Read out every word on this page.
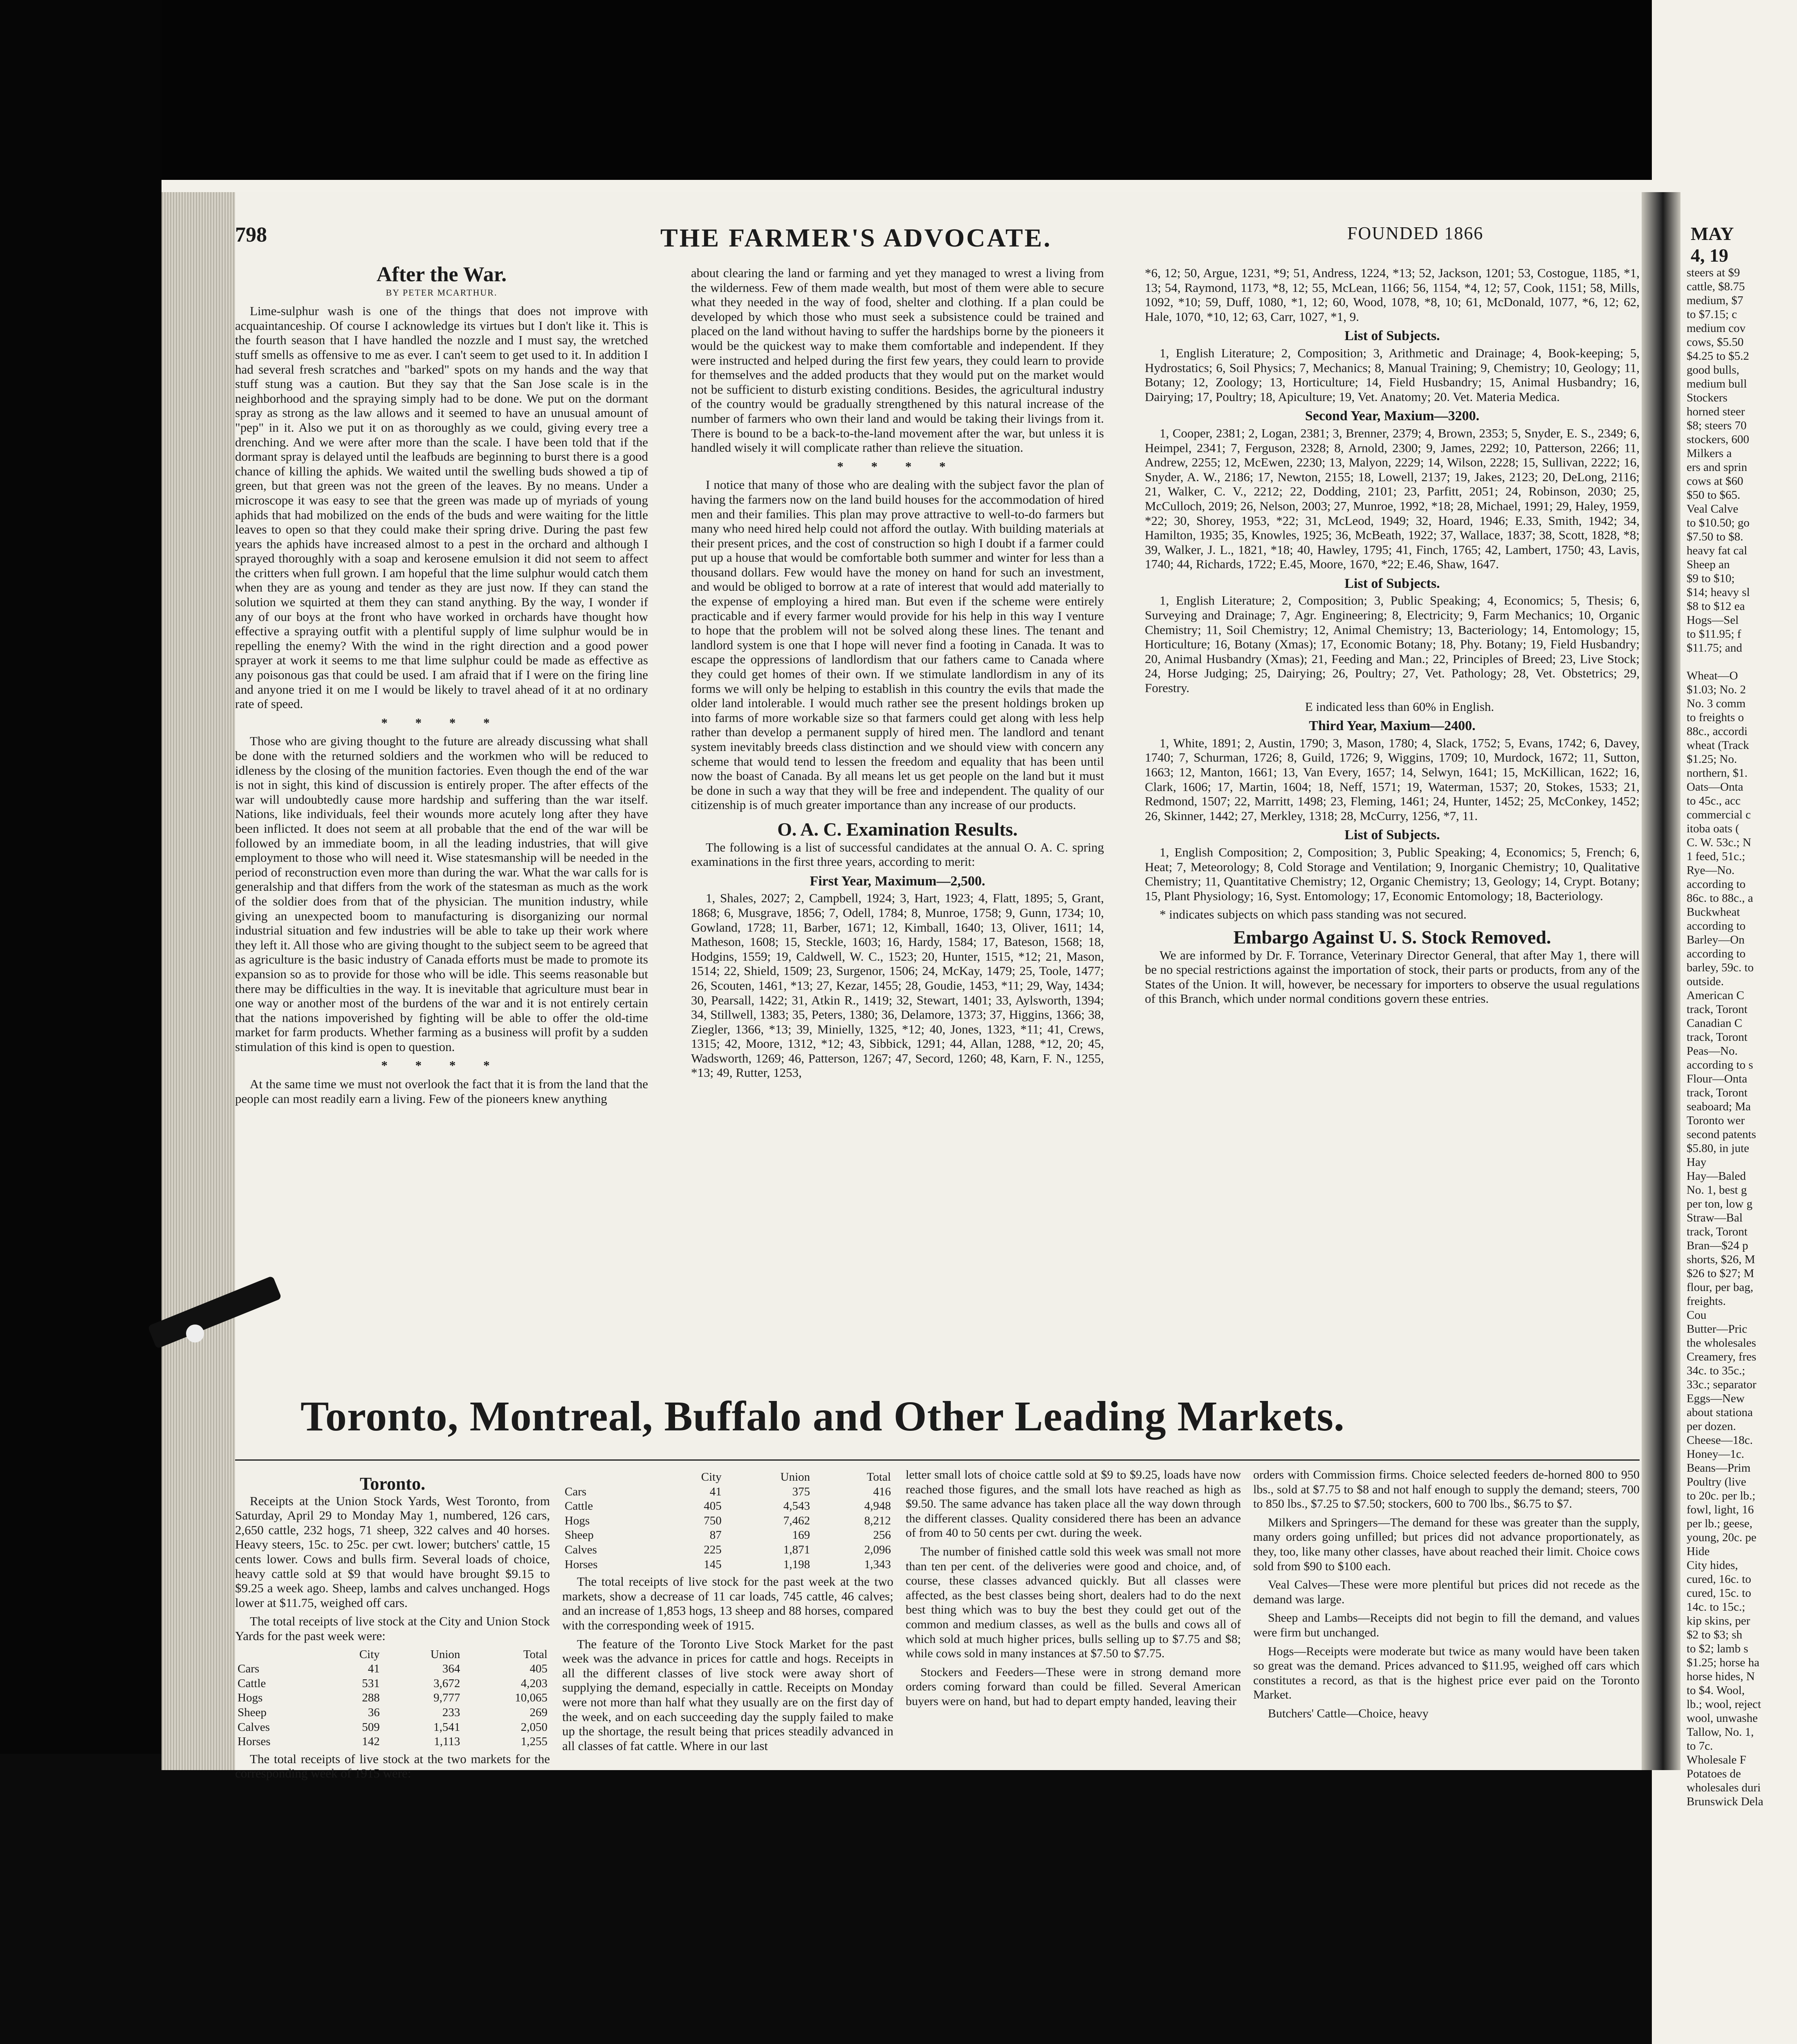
798	THE FARMER'S ADVOCATE.	FOUNDED 1866	MAY 4, 19
After the War.
BY PETER MCARTHUR.

Lime-sulphur wash is one of the things that does not improve with acquaintanceship. Of course I acknowledge its virtues but I don't like it. This is the fourth season that I have handled the nozzle and I must say, the wretched stuff smells as offensive to me as ever. I can't seem to get used to it. In addition I had several fresh scratches and "barked" spots on my hands and the way that stuff stung was a caution. But they say that the San Jose scale is in the neighborhood and the spraying simply had to be done. We put on the dormant spray as strong as the law allows and it seemed to have an unusual amount of "pep" in it. Also we put it on as thoroughly as we could, giving every tree a drenching. And we were after more than the scale. I have been told that if the dormant spray is delayed until the leafbuds are beginning to burst there is a good chance of killing the aphids. We waited until the swelling buds showed a tip of green, but that green was not the green of the leaves. By no means. Under a microscope it was easy to see that the green was made up of myriads of young aphids that had mobilized on the ends of the buds and were waiting for the little leaves to open so that they could make their spring drive. During the past few years the aphids have increased almost to a pest in the orchard and although I sprayed thoroughly with a soap and kerosene emulsion it did not seem to affect the critters when full grown. I am hopeful that the lime sulphur would catch them when they are as young and tender as they are just now. If they can stand the solution we squirted at them they can stand anything. By the way, I wonder if any of our boys at the front who have worked in orchards have thought how effective a spraying outfit with a plentiful supply of lime sulphur would be in repelling the enemy? With the wind in the right direction and a good power sprayer at work it seems to me that lime sulphur could be made as effective as any poisonous gas that could be used. I am afraid that if I were on the firing line and anyone tried it on me I would be likely to travel ahead of it at no ordinary rate of speed.

* * * *

Those who are giving thought to the future are already discussing what shall be done with the returned soldiers and the workmen who will be reduced to idleness by the closing of the munition factories. Even though the end of the war is not in sight, this kind of discussion is entirely proper. The after effects of the war will undoubtedly cause more hardship and suffering than the war itself. Nations, like individuals, feel their wounds more acutely long after they have been inflicted. It does not seem at all probable that the end of the war will be followed by an immediate boom, in all the leading industries, that will give employment to those who will need it. Wise statesmanship will be needed in the period of reconstruction even more than during the war. What the war calls for is generalship and that differs from the work of the statesman as much as the work of the soldier does from that of the physician. The munition industry, while giving an unexpected boom to manufacturing is disorganizing our normal industrial situation and few industries will be able to take up their work where they left it. All those who are giving thought to the subject seem to be agreed that as agriculture is the basic industry of Canada efforts must be made to promote its expansion so as to provide for those who will be idle. This seems reasonable but there may be difficulties in the way. It is inevitable that agriculture must bear in one way or another most of the burdens of the war and it is not entirely certain that the nations impoverished by fighting will be able to offer the old-time market for farm products. Whether farming as a business will profit by a sudden stimulation of this kind is open to question.

* * * *

At the same time we must not overlook the fact that it is from the land that the people can most readily earn a living. Few of the pioneers knew anything

about clearing the land or farming and yet they managed to wrest a living from the wilderness. Few of them made wealth, but most of them were able to secure what they needed in the way of food, shelter and clothing. If a plan could be developed by which those who must seek a subsistence could be trained and placed on the land without having to suffer the hardships borne by the pioneers it would be the quickest way to make them comfortable and independent. If they were instructed and helped during the first few years, they could learn to provide for themselves and the added products that they would put on the market would not be sufficient to disturb existing conditions. Besides, the agricultural industry of the country would be gradually strengthened by this natural increase of the number of farmers who own their land and would be taking their livings from it. There is bound to be a back-to-the-land movement after the war, but unless it is handled wisely it will complicate rather than relieve the situation.

* * * *

I notice that many of those who are dealing with the subject favor the plan of having the farmers now on the land build houses for the accommodation of hired men and their families. This plan may prove attractive to well-to-do farmers but many who need hired help could not afford the outlay. With building materials at their present prices, and the cost of construction so high I doubt if a farmer could put up a house that would be comfortable both summer and winter for less than a thousand dollars. Few would have the money on hand for such an investment, and would be obliged to borrow at a rate of interest that would add materially to the expense of employing a hired man. But even if the scheme were entirely practicable and if every farmer would provide for his help in this way I venture to hope that the problem will not be solved along these lines. The tenant and landlord system is one that I hope will never find a footing in Canada. It was to escape the oppressions of landlordism that our fathers came to Canada where they could get homes of their own. If we stimulate landlordism in any of its forms we will only be helping to establish in this country the evils that made the older land intolerable. I would much rather see the present holdings broken up into farms of more workable size so that farmers could get along with less help rather than develop a permanent supply of hired men. The landlord and tenant system inevitably breeds class distinction and we should view with concern any scheme that would tend to lessen the freedom and equality that has been until now the boast of Canada. By all means let us get people on the land but it must be done in such a way that they will be free and independent. The quality of our citizenship is of much greater importance than any increase of our products.

O. A. C. Examination Results.

The following is a list of successful candidates at the annual O. A. C. spring examinations in the first three years, according to merit:

First Year, Maximum—2,500.

1, Shales, 2027; 2, Campbell, 1924; 3, Hart, 1923; 4, Flatt, 1895; 5, Grant, 1868; 6, Musgrave, 1856; 7, Odell, 1784; 8, Munroe, 1758; 9, Gunn, 1734; 10, Gowland, 1728; 11, Barber, 1671; 12, Kimball, 1640; 13, Oliver, 1611; 14, Matheson, 1608; 15, Steckle, 1603; 16, Hardy, 1584; 17, Bateson, 1568; 18, Hodgins, 1559; 19, Caldwell, W. C., 1523; 20, Hunter, 1515, *12; 21, Mason, 1514; 22, Shield, 1509; 23, Surgenor, 1506; 24, McKay, 1479; 25, Toole, 1477; 26, Scouten, 1461, *13; 27, Kezar, 1455; 28, Goudie, 1453, *11; 29, Way, 1434; 30, Pearsall, 1422; 31, Atkin R., 1419; 32, Stewart, 1401; 33, Aylsworth, 1394; 34, Stillwell, 1383; 35, Peters, 1380; 36, Delamore, 1373; 37, Higgins, 1366; 38, Ziegler, 1366, *13; 39, Minielly, 1325, *12; 40, Jones, 1323, *11; 41, Crews, 1315; 42, Moore, 1312, *12; 43, Sibbick, 1291; 44, Allan, 1288, *12, 20; 45, Wadsworth, 1269; 46, Patterson, 1267; 47, Secord, 1260; 48, Karn, F. N., 1255, *13; 49, Rutter, 1253,

*6, 12; 50, Argue, 1231, *9; 51, Andress, 1224, *13; 52, Jackson, 1201; 53, Costogue, 1185, *1, 13; 54, Raymond, 1173, *8, 12; 55, McLean, 1166; 56, 1154, *4, 12; 57, Cook, 1151; 58, Mills, 1092, *10; 59, Duff, 1080, *1, 12; 60, Wood, 1078, *8, 10; 61, McDonald, 1077, *6, 12; 62, Hale, 1070, *10, 12; 63, Carr, 1027, *1, 9.

List of Subjects.

1, English Literature; 2, Composition; 3, Arithmetic and Drainage; 4, Book-keeping; 5, Hydrostatics; 6, Soil Physics; 7, Mechanics; 8, Manual Training; 9, Chemistry; 10, Geology; 11, Botany; 12, Zoology; 13, Horticulture; 14, Field Husbandry; 15, Animal Husbandry; 16, Dairying; 17, Poultry; 18, Apiculture; 19, Vet. Anatomy; 20. Vet. Materia Medica.

Second Year, Maxium—3200.

1, Cooper, 2381; 2, Logan, 2381; 3, Brenner, 2379; 4, Brown, 2353; 5, Snyder, E. S., 2349; 6, Heimpel, 2341; 7, Ferguson, 2328; 8, Arnold, 2300; 9, James, 2292; 10, Patterson, 2266; 11, Andrew, 2255; 12, McEwen, 2230; 13, Malyon, 2229; 14, Wilson, 2228; 15, Sullivan, 2222; 16, Snyder, A. W., 2186; 17, Newton, 2155; 18, Lowell, 2137; 19, Jakes, 2123; 20, DeLong, 2116; 21, Walker, C. V., 2212; 22, Dodding, 2101; 23, Parfitt, 2051; 24, Robinson, 2030; 25, McCulloch, 2019; 26, Nelson, 2003; 27, Munroe, 1992, *18; 28, Michael, 1991; 29, Haley, 1959, *22; 30, Shorey, 1953, *22; 31, McLeod, 1949; 32, Hoard, 1946; E.33, Smith, 1942; 34, Hamilton, 1935; 35, Knowles, 1925; 36, McBeath, 1922; 37, Wallace, 1837; 38, Scott, 1828, *8; 39, Walker, J. L., 1821, *18; 40, Hawley, 1795; 41, Finch, 1765; 42, Lambert, 1750; 43, Lavis, 1740; 44, Richards, 1722; E.45, Moore, 1670, *22; E.46, Shaw, 1647.

List of Subjects.

1, English Literature; 2, Composition; 3, Public Speaking; 4, Economics; 5, Thesis; 6, Surveying and Drainage; 7, Agr. Engineering; 8, Electricity; 9, Farm Mechanics; 10, Organic Chemistry; 11, Soil Chemistry; 12, Animal Chemistry; 13, Bacteriology; 14, Entomology; 15, Horticulture; 16, Botany (Xmas); 17, Economic Botany; 18, Phy. Botany; 19, Field Husbandry; 20, Animal Husbandry (Xmas); 21, Feeding and Man.; 22, Principles of Breed; 23, Live Stock; 24, Horse Judging; 25, Dairying; 26, Poultry; 27, Vet. Pathology; 28, Vet. Obstetrics; 29, Forestry.

E indicated less than 60% in English.

Third Year, Maxium—2400.

1, White, 1891; 2, Austin, 1790; 3, Mason, 1780; 4, Slack, 1752; 5, Evans, 1742; 6, Davey, 1740; 7, Schurman, 1726; 8, Guild, 1726; 9, Wiggins, 1709; 10, Murdock, 1672; 11, Sutton, 1663; 12, Manton, 1661; 13, Van Every, 1657; 14, Selwyn, 1641; 15, McKillican, 1622; 16, Clark, 1606; 17, Martin, 1604; 18, Neff, 1571; 19, Waterman, 1537; 20, Stokes, 1533; 21, Redmond, 1507; 22, Marritt, 1498; 23, Fleming, 1461; 24, Hunter, 1452; 25, McConkey, 1452; 26, Skinner, 1442; 27, Merkley, 1318; 28, McCurry, 1256, *7, 11.

List of Subjects.

1, English Composition; 2, Composition; 3, Public Speaking; 4, Economics; 5, French; 6, Heat; 7, Meteorology; 8, Cold Storage and Ventilation; 9, Inorganic Chemistry; 10, Qualitative Chemistry; 11, Quantitative Chemistry; 12, Organic Chemistry; 13, Geology; 14, Crypt. Botany; 15, Plant Physiology; 16, Syst. Entomology; 17, Economic Entomology; 18, Bacteriology.

* indicates subjects on which pass standing was not secured.

Embargo Against U. S. Stock Removed.

We are informed by Dr. F. Torrance, Veterinary Director General, that after May 1, there will be no special restrictions against the importation of stock, their parts or products, from any of the States of the Union. It will, however, be necessary for importers to observe the usual regulations of this Branch, which under normal conditions govern these entries.

steers at $9
cattle, $8.75
medium, $7
to $7.15; c
medium cov
cows, $5.50
$4.25 to $5.2
good bulls,
medium bull
Stockers
horned steer
$8; steers 70
stockers, 600
Milkers a
ers and sprin
cows at $60
$50 to $65.
Veal Calve
to $10.50; go
$7.50 to $8.
heavy fat cal
Sheep an
$9 to $10;
$14; heavy sl
$8 to $12 ea
Hogs—Sel
to $11.95; f
$11.75; and
Wheat—O
$1.03; No. 2
No. 3 comm
to freights o
88c., accordi
wheat (Track
$1.25; No.
northern, $1.
Oats—Onta
to 45c., acc
commercial c
itoba oats (
C. W. 53c.; N
1 feed, 51c.;
Rye—No.
according to
86c. to 88c., a
Buckwheat
according to
Barley—On
according to
barley, 59c. to
outside.
American C
track, Toront
Canadian C
track, Toront
Peas—No.
according to s
Flour—Onta
track, Toront
seaboard; Ma
Toronto wer
second patents
$5.80, in jute
Hay
Hay—Baled
No. 1, best g
per ton, low g
Straw—Bal
track, Toront
Bran—$24 p
shorts, $26, M
$26 to $27; M
flour, per bag,
freights.
Cou
Butter—Pric
the wholesales
Creamery, fres
34c. to 35c.;
33c.; separator
Eggs—New
about stationa
per dozen.
Cheese—18c.
Honey—1c.
Beans—Prim
Poultry (live
to 20c. per lb.;
fowl, light, 16
per lb.; geese,
young, 20c. pe
Hide
City hides,
cured, 16c. to
cured, 15c. to
14c. to 15c.;
kip skins, per
$2 to $3; sh
to $2; lamb s
$1.25; horse ha
horse hides, N
to $4. Wool,
lb.; wool, reject
wool, unwashe
Tallow, No. 1,
to 7c.
Wholesale F
Potatoes de
wholesales duri
Brunswick Dela
Toronto, Montreal, Buffalo and Other Leading Markets.
Toronto.

Receipts at the Union Stock Yards, West Toronto, from Saturday, April 29 to Monday May 1, numbered, 126 cars, 2,650 cattle, 232 hogs, 71 sheep, 322 calves and 40 horses. Heavy steers, 15c. to 25c. per cwt. lower; butchers' cattle, 15 cents lower. Cows and bulls firm. Several loads of choice, heavy cattle sold at $9 that would have brought $9.15 to $9.25 a week ago. Sheep, lambs and calves unchanged. Hogs lower at $11.75, weighed off cars.

The total receipts of live stock at the City and Union Stock Yards for the past week were:

	City	Union	Total
Cars	41	364	405
Cattle	531	3,672	4,203
Hogs	288	9,777	10,065
Sheep	36	233	269
Calves	509	1,541	2,050
Horses	142	1,113	1,255

The total receipts of live stock at the two markets for the corresponding week of 1915 were:

	City	Union	Total
Cars	41	375	416
Cattle	405	4,543	4,948
Hogs	750	7,462	8,212
Sheep	87	169	256
Calves	225	1,871	2,096
Horses	145	1,198	1,343

The total receipts of live stock for the past week at the two markets, show a decrease of 11 car loads, 745 cattle, 46 calves; and an increase of 1,853 hogs, 13 sheep and 88 horses, compared with the corresponding week of 1915.

The feature of the Toronto Live Stock Market for the past week was the advance in prices for cattle and hogs. Receipts in all the different classes of live stock were away short of supplying the demand, especially in cattle. Receipts on Monday were not more than half what they usually are on the first day of the week, and on each succeeding day the supply failed to make up the shortage, the result being that prices steadily advanced in all classes of fat cattle. Where in our last

letter small lots of choice cattle sold at $9 to $9.25, loads have now reached those figures, and the small lots have reached as high as $9.50. The same advance has taken place all the way down through the different classes. Quality considered there has been an advance of from 40 to 50 cents per cwt. during the week.

The number of finished cattle sold this week was small not more than ten per cent. of the deliveries were good and choice, and, of course, these classes advanced quickly. But all classes were affected, as the best classes being short, dealers had to do the next best thing which was to buy the best they could get out of the common and medium classes, as well as the bulls and cows all of which sold at much higher prices, bulls selling up to $7.75 and $8; while cows sold in many instances at $7.50 to $7.75.

Stockers and Feeders—These were in strong demand more orders coming forward than could be filled. Several American buyers were on hand, but had to depart empty handed, leaving their

orders with Commission firms. Choice selected feeders de-horned 800 to 950 lbs., sold at $7.75 to $8 and not half enough to supply the demand; steers, 700 to 850 lbs., $7.25 to $7.50; stockers, 600 to 700 lbs., $6.75 to $7.

Milkers and Springers—The demand for these was greater than the supply, many orders going unfilled; but prices did not advance proportionately, as they, too, like many other classes, have about reached their limit. Choice cows sold from $90 to $100 each.

Veal Calves—These were more plentiful but prices did not recede as the demand was large.

Sheep and Lambs—Receipts did not begin to fill the demand, and values were firm but unchanged.

Hogs—Receipts were moderate but twice as many would have been taken so great was the demand. Prices advanced to $11.95, weighed off cars which constitutes a record, as that is the highest price ever paid on the Toronto Market.

Butchers' Cattle—Choice, heavy
